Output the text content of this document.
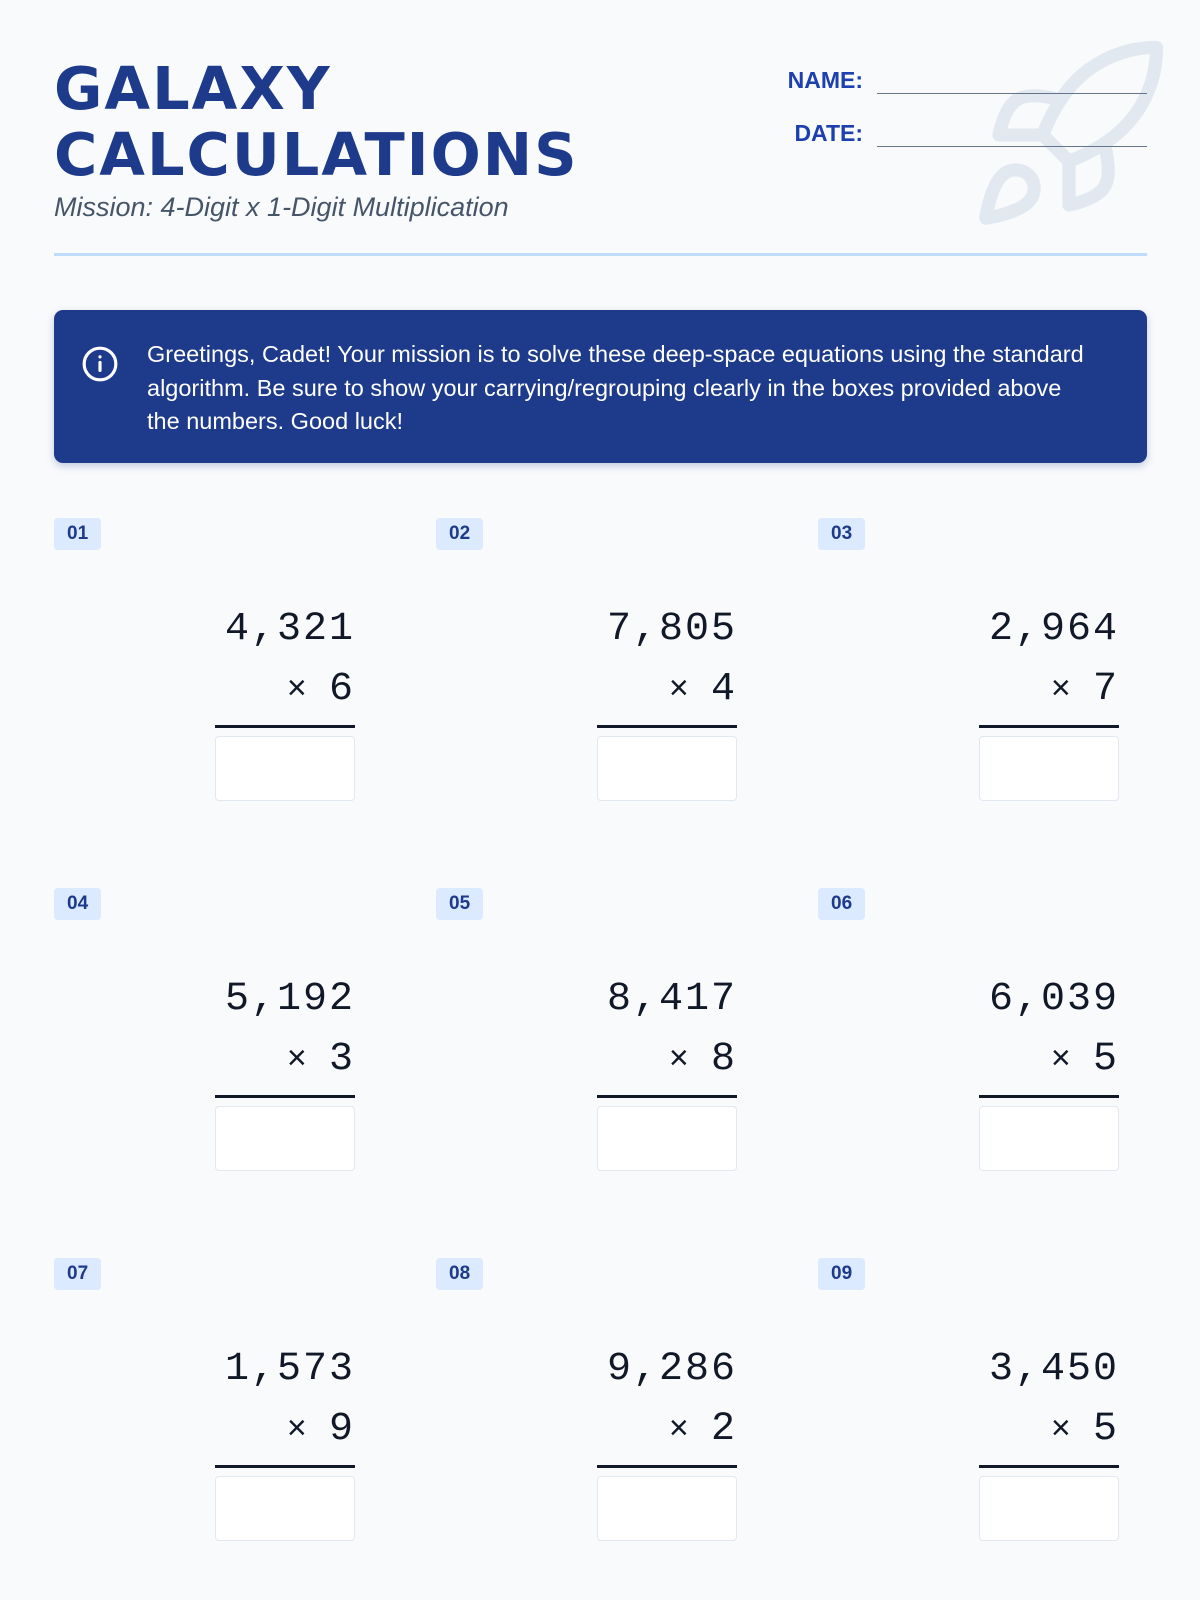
GALAXY
CALCULATIONS
Mission: 4-Digit x 1-Digit Multiplication
NAME:
DATE:

Greetings, Cadet! Your mission is to solve these deep-space equations using the standard algorithm. Be sure to show your carrying/regrouping clearly in the boxes provided above the numbers. Good luck!

01
4,321
× 6
02
7,805
× 4
03
2,964
× 7
04
5,192
× 3
05
8,417
× 8
06
6,039
× 5
07
1,573
× 9
08
9,286
× 2
09
3,450
× 5
